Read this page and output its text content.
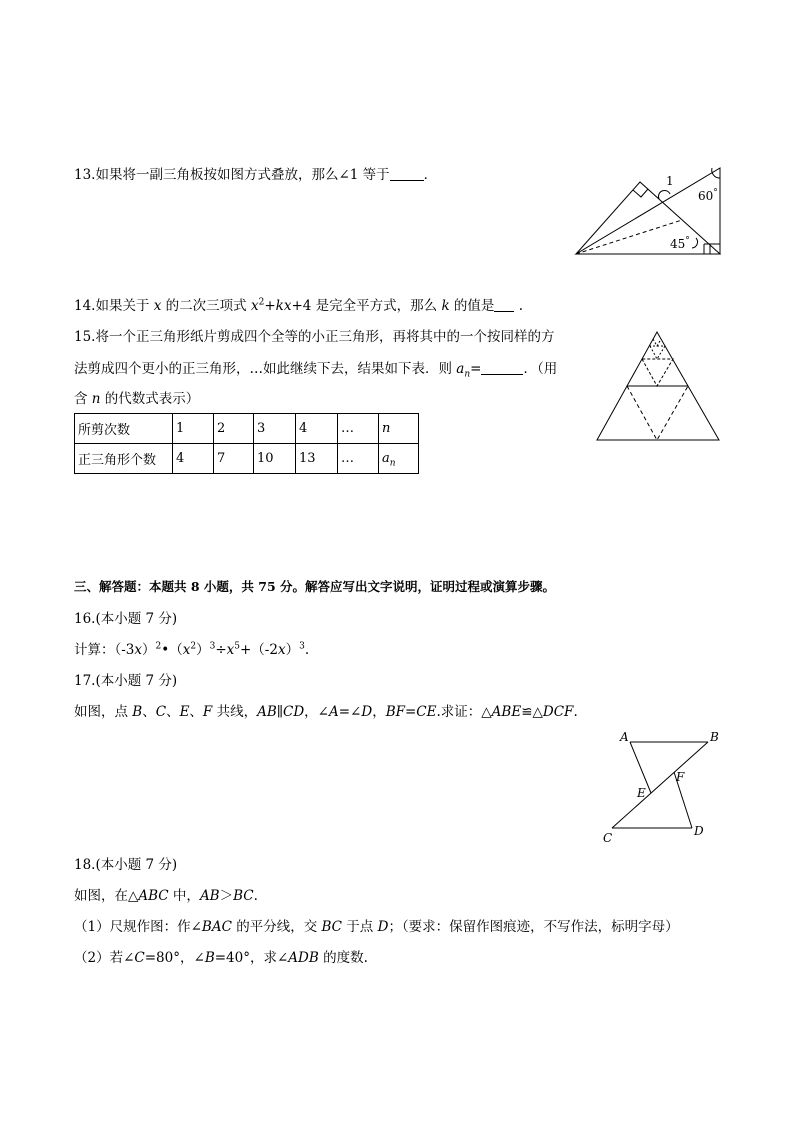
13.如果将一副三角板按如图方式叠放，那么∠1 等于	．	1
60°
45°
14.如果关于 x 的二次三项式 $x^2+kx+4$ 是完全平方式，那么 k 的值是 .
15.将一个正三角形纸片剪成四个全等的小正三角形，再将其中的一个按同样的方
法剪成四个更小的正三角形，…如此继续下去，结果如下表．则 $a_n=$	．（用
含 n 的代数式表示）
所剪次数	1	2	3	4	…	n
正三角形个数	4	7	10	13	…	$a_n$
三、解答题：本题共 8 小题，共 75 分。解答应写出文字说明，证明过程或演算步骤。
16.(本小题 7 分)
计算：$(-3x)^2•(x^2)^3\div x^5+(-2x)^3$.
17.(本小题 7 分)
如图，点 B、C、E、F 共线，AB∥CD，∠A=∠D，BF=CE.求证：△ABE≌△DCF.
A	B
C	D
E
F
18.(本小题 7 分)
如图，在△ABC 中，AB＞BC.
（1）尺规作图：作∠BAC 的平分线，交 BC 于点 D；（要求：保留作图痕迹，不写作法，标明字母）
（2）若∠C=80°，∠B=40°，求∠ADB 的度数.
